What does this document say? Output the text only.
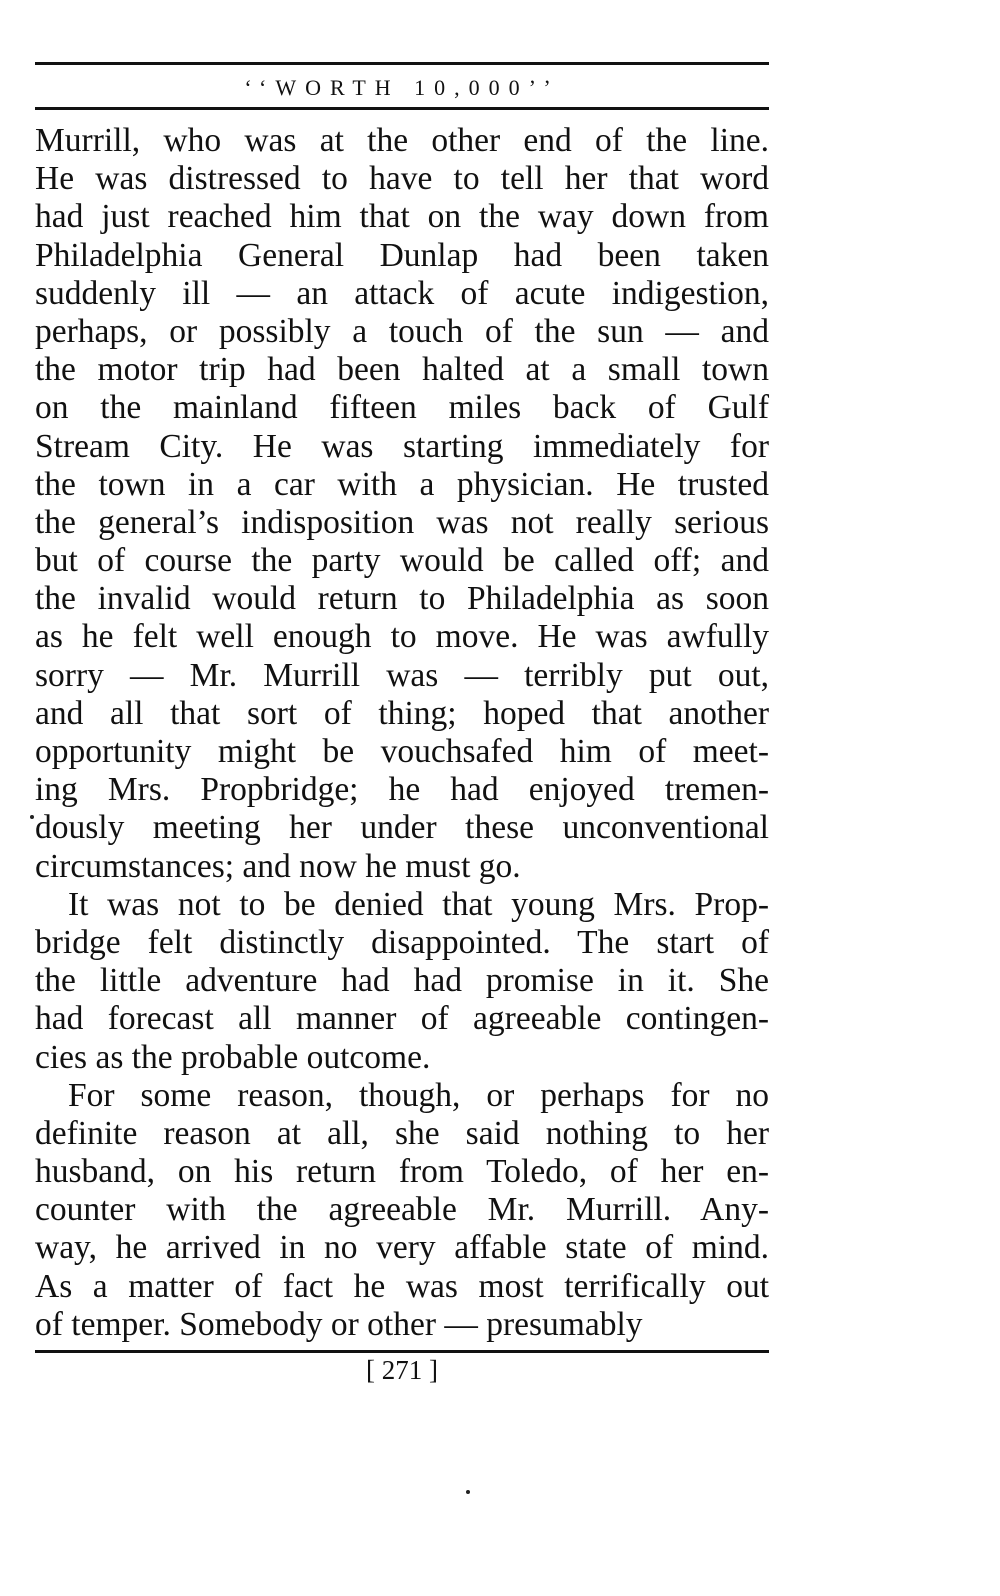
‘‘WORTH 10,000’’
Murrill, who was at the other end of the line.
He was distressed to have to tell her that word
had just reached him that on the way down from
Philadelphia General Dunlap had been taken
suddenly ill — an attack of acute indigestion,
perhaps, or possibly a touch of the sun — and
the motor trip had been halted at a small town
on the mainland fifteen miles back of Gulf
Stream City. He was starting immediately for
the town in a car with a physician. He trusted
the general’s indisposition was not really serious
but of course the party would be called off; and
the invalid would return to Philadelphia as soon
as he felt well enough to move. He was awfully
sorry — Mr. Murrill was — terribly put out,
and all that sort of thing; hoped that another
opportunity might be vouchsafed him of meet-
ing Mrs. Propbridge; he had enjoyed tremen-
dously meeting her under these unconventional
circumstances; and now he must go.
It was not to be denied that young Mrs. Prop-
bridge felt distinctly disappointed. The start of
the little adventure had had promise in it. She
had forecast all manner of agreeable contingen-
cies as the probable outcome.
For some reason, though, or perhaps for no
definite reason at all, she said nothing to her
husband, on his return from Toledo, of her en-
counter with the agreeable Mr. Murrill. Any-
way, he arrived in no very affable state of mind.
As a matter of fact he was most terrifically out
of temper. Somebody or other — presumably
[ 271 ]
